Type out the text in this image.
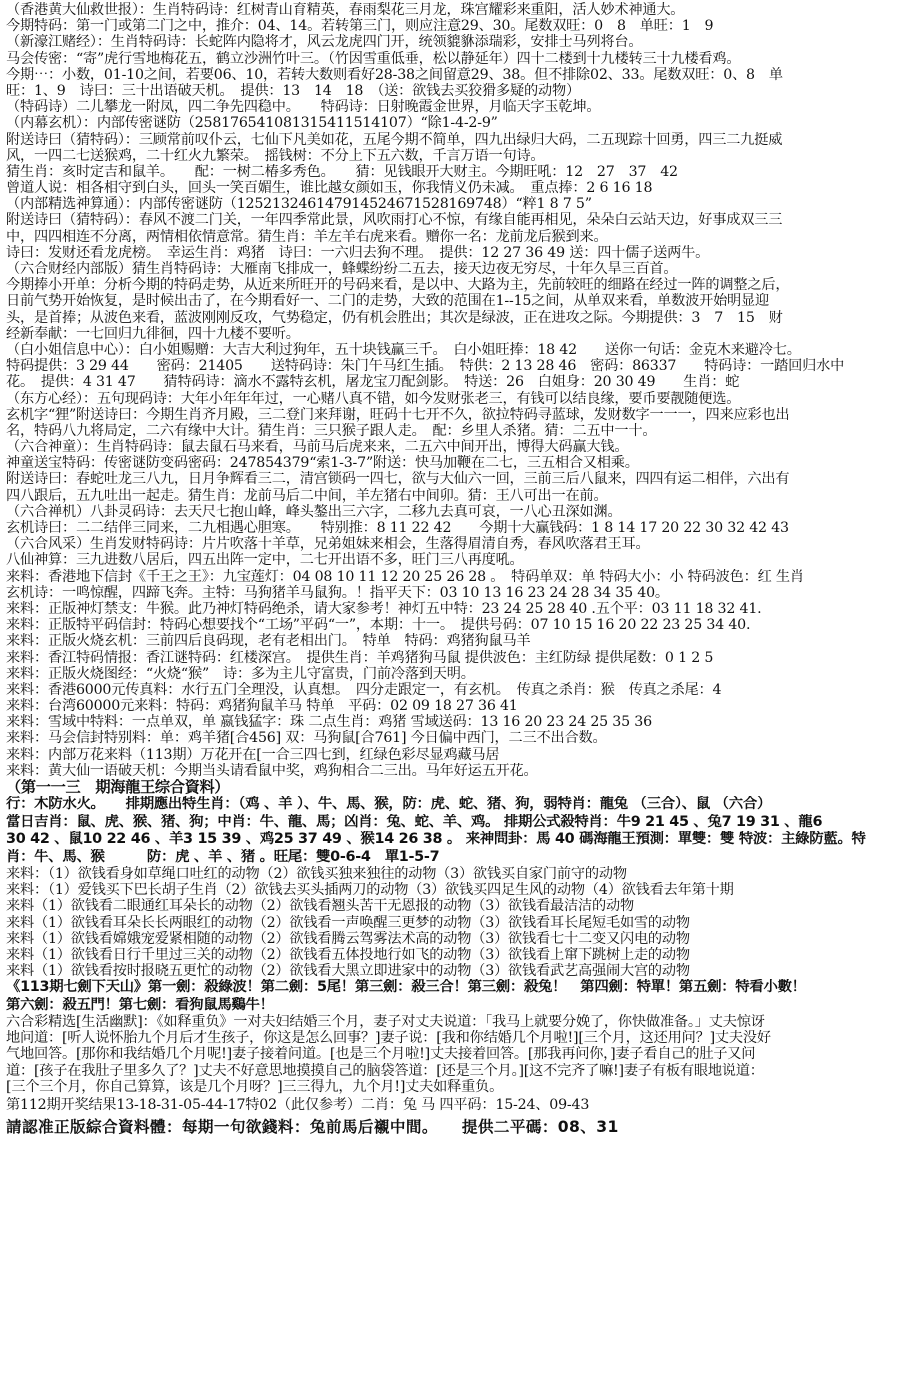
（香港黄大仙救世报）：生肖特码诗：红树青山育精英，春雨梨花三月龙，珠宫耀彩来重阳，活人妙术神通大。
今期特码：第一门或第二门之中，推介：04、14。若转第三门，则应注意29、30。尾数双旺：0　8　单旺：1　9
（新濠江赌经）：生肖特码诗：长蛇阵内隐将才，风云龙虎四门开，统领貔貅添瑞彩，安排士马列将台。
马会传密：“寄”虎行雪地梅花五，鹤立沙洲竹叶三。（竹因雪重低垂，松以静延年）四十二楼到十九楼转三十九楼看鸡。
今期⋯：小数，01-10之间，若要06、10，若转大数则看好28-38之间留意29、38。但不排除02、33。尾数双旺：0、8　单
旺：1、9　诗曰：三十出语破天机。　提供：13　14　18　（送：欲钱去买狡猾多疑的动物）
（特码诗）二儿攀龙一附凤，四二争先四稳中。　　特码诗：日射晚霞金世界，月临天字玉乾坤。
（内幕玄机）：内部传密谜防（25817654108131541151410​7）“除1-4-2-9”
附送诗曰（猜特码）：三顾常前叹仆云，七仙下凡美如花，五尾今期不简单，四九出绿归大码，二五现踪十回勇，四三二九挺威
风，一四二七送猴鸡，二十红火九繁荣。　摇钱树：不分上下五六数，千言万语一句诗。
猜生肖：亥时定吉和鼠羊。　　配：一树二椿多秀色。　　猜：见钱眼开大财主。今期旺吼：12　27　37　42
曾道人说：相各相守到白头，回头一笑百媚生，谁比越女颜如玉，你我情义仍未减。　重点捧：2 6 16 18
（内部精选神算通）：内部传密谜防（1252132461479145246715281697​48）“粹1 8 7 5”
附送诗曰（猜特码）：春风不渡二门关，一年四季常此景，风吹雨打心不惊，有缘自能再相见，朵朵白云站天边，好事成双三三
中，四四相连不分离，两情相依情意常。猜生肖：羊左羊右虎来看。赠你一名：龙前龙后猴到来。
诗曰：发财还看龙虎榜。　幸运生肖：鸡猪　诗曰：一六归去狗不理。　提供：12 27 36 49 送：四十儒子送两牛。
（六合财经内部版）猜生肖特码诗：大雁南飞排成一，蜂蝶纷纷二五去，接天边夜无穷尽，十年久旱三百首。
今期捧小开单：分析今期的特码走势，从近来所旺开的号码来看，是以中、大路为主，先前较旺的细路在经过一阵的调整之后，
日前气势开始恢复，是时候出击了，在今期看好一、二门的走势，大致的范围在1--15之间，从单双来看，单数波开始明显迎
头，是首捧；从波色来看，蓝波刚刚反攻，气势稳定，仍有机会胜出；其次是绿波，正在进攻之际。今期提供：3　7　15　财
经新奉献：一七回归九徘徊，四十九楼不要听。
（白小姐信息中心）：白小姐赐赠：大吉大利过狗年，五十块钱赢三千。　白小姐旺捧：18 42　　送你一句话：金克木来避冷七。
特码提供：3 29 44　　密码：21405　　送特码诗：朱门午马红生插。　特供：2 13 28 46　密码：86337　　特码诗：一踏回归水中
花。　提供：4 31 47　　猜特码诗：滴水不露特玄机，屠龙宝刀配剑影。　特送：26　白姐身：20 30 49　　生肖：蛇
（东方心经）：五句现码诗：大年小年年年过，一心赌八真不错，如今发财张老三，有钱可以结良缘，要币要靓随便选。
玄机字“狸”附送诗曰：今期生肖齐月殿，三二登门来拜谢，旺码十七开不久，欲拉特码寻蓝球，发财数字一一一，四来应彩也出
名，特码八九将局定，二六有缘中大计。猜生肖：三只猴子跟人走。　配：乡里人杀猪。猜：二五中一十。
（六合神童）：生肖特码诗：鼠去鼠石马来看，马前马后虎来来，二五六中间开出，博得大码赢大钱。
神童送宝特码：传密谜防变码密码：247854379“索1-3-7”附送：快马加鞭在二七，三五相合又相乘。
附送诗曰：春蛇吐龙三八九，日月争辉看三二，清宫锁码一四七，欲与大仙六一回，三前三后八鼠来，四四有运二相伴，六出有
四八跟后，五九吐出一起走。猜生肖：龙前马后二中间，羊左猪右中间卯。猜：王八可出一在前。
（六合禅机）八卦灵码诗：去天尺七抱山峰，峰头鏊出三六字，二移九去真可哀，一八心丑深如渊。
玄机诗曰：二二结伴三同来，二九相遇心胆寒。　　特别推：8 11 22 42　　今期十大赢钱码：1 8 14 17 20 22 30 32 42 43
（六合风采）生肖发财特码诗：片片吹落十羊草，兄弟姐妹来相会，生落得眉清自秀，春风吹落君王耳。
八仙神算：三九进数八居后，四五出阵一定中，二七开出语不多，旺门三八再度吼。
来料：香港地下信封《千王之王》：九宝莲灯：04 08 10 11 12 20 25 26 28 。　特码单双：单 特码大小：小 特码波色：红 生肖
玄机诗：一鸣惊醒，四蹄飞奔。主特：马狗猪羊马鼠狗。！指平天下：03 10 13 16 23 24 28 34 35 40。
来料：正版神灯禁支：牛猴。此乃神灯特码绝杀，请大家参考！神灯五中特：23 24 25 28 40 .五个平：03 11 18 32 41.
来料：正版特平码信封：特码心想要找个“工场”平码“一”，本期：十一。　提供号码：07 10 15 16 20 22 23 25 34 40.
来料：正版火烧玄机：三前四后良码现，老有老相出门。　特单　特码：鸡猪狗鼠马羊
来料：香江特码情报：香江谜特码：红楼深宫。　提供生肖：羊鸡猪狗马鼠 提供波色：主红防绿 提供尾数：0 1 2 5
来料：正版火烧图经：“火烧“猴”　诗：多为主儿守富贵，门前冷落到天明。
来料：香港6000元传真料：水行五门全理没，认真想。　四分走跟定一，有玄机。　传真之杀肖：猴　传真之杀尾：4
来料：台湾60000元来料：特码：鸡猪狗鼠羊马 特单　平码：02 09 18 27 36 41
来料：雪域中特料：一点单双，单 嬴钱猛字：珠 二点生肖：鸡猪 雪域送码：13 16 20 23 24 25 35 36
来料：马会信封特别料：单：鸡羊猪[合456] 双：马狗鼠[合761] 今日偏中西门，二三不出合数。
来料：内部万花来料（113期）万花开在[一合三四七到，红绿色彩尽显鸡藏马居
来料：黄大仙一语破天机：今期当头请看鼠中奖，鸡狗相合二三出。马年好运五开花。
（第一一三　期海龍王综合資料）
行：木防水火。　　排期應出特生肖：（鸡 、羊 ）、牛、馬、猴，防：虎、蛇、猪、狗，弱特肖：龍兔 （三合）、鼠 （六合）
當日吉肖：鼠、虎、猴、猪、狗；中肖：牛、龍、馬；凶肖：兔、蛇、羊、鸡。 排期公式殺特肖：牛9 21 45 、兔7 19 31 、龍6
30 42 、鼠10 22 46 、羊3 15 39 、鸡25 37 49 、猴14 26 38 。 来神問卦：馬 40 碼海龍王預測：單雙：雙 特波：主綠防藍。特
肖：牛、馬、猴　　　防：虎 、羊 、猪 。旺尾：雙0-6-4　單1-5-7
来料：（1）欲钱看身如草绳口吐红的动物（2）欲钱买独来独往的动物（3）欲钱买自家门前守的动物
来料：（1）爱钱买下巴长胡子生肖（2）欲钱去买头插两刀的动物（3）欲钱买四足生风的动物（4）欲钱看去年第十期
来料（1）欲钱看二眼通红耳朵长的动物（2）欲钱看翘头苦干无恩报的动物（3）欲钱看最洁洁的动物
来料（1）欲钱看耳朵长长两眼红的动物（2）欲钱看一声唤醒三更梦的动物（3）欲钱看耳长尾短毛如雪的动物
来料（1）欲钱看嫦娥宠爱紧相随的动物（2）欲钱看腾云驾雾法术高的动物（3）欲钱看七十二变又闪电的动物
来料（1）欲钱看日行千里过三关的动物（2）欲钱看五体投地行如飞的动物（3）欲钱看上窜下跳树上走的动物
来料（1）欲钱看按时报晓五更忙的动物（2）欲钱看大黑立即进家中的动物（3）欲钱看武艺高强闹大宫的动物
《113期七劍下天山》第一劍：殺綠波！第二劍：5尾！第三劍：殺三合！第三劍：殺兔！　第四劍：特單！第五劍：特看小數！
第六劍：殺五門！第七劍：看狗鼠馬鷄牛！
六合彩精选[生活幽默]：《如释重负》一对夫妇结婚三个月，妻子对丈夫说道：「我马上就要分娩了，你快做准备。」丈夫惊讶
地问道：[听人说怀胎九个月后才生孩子，你这是怎么回事？]妻子说：[我和你结婚几个月啦!][三个月，这还用问？]丈夫没好
气地回答。[那你和我结婚几个月呢!]妻子接着问道。[也是三个月啦!]丈夫接着回答。[那我再问你，]妻子看自己的肚子又问
道：[孩子在我肚子里多久了？]丈夫不好意思地摸摸自己的脑袋答道：[还是三个月。][这不完齐了嘛!]妻子有板有眼地说道：
[三个三个月，你自己算算，该是几个月呀？]三三得九，九个月!]丈夫如释重负。
第112期开奖结果13-18-31-05-44-17特02（此仅参考）二肖：兔 马 四平码：15-24、09-43
請認准正版綜合資料體：每期一句欲錢料：兔前馬后襯中間。 提供二平碼：08、31
